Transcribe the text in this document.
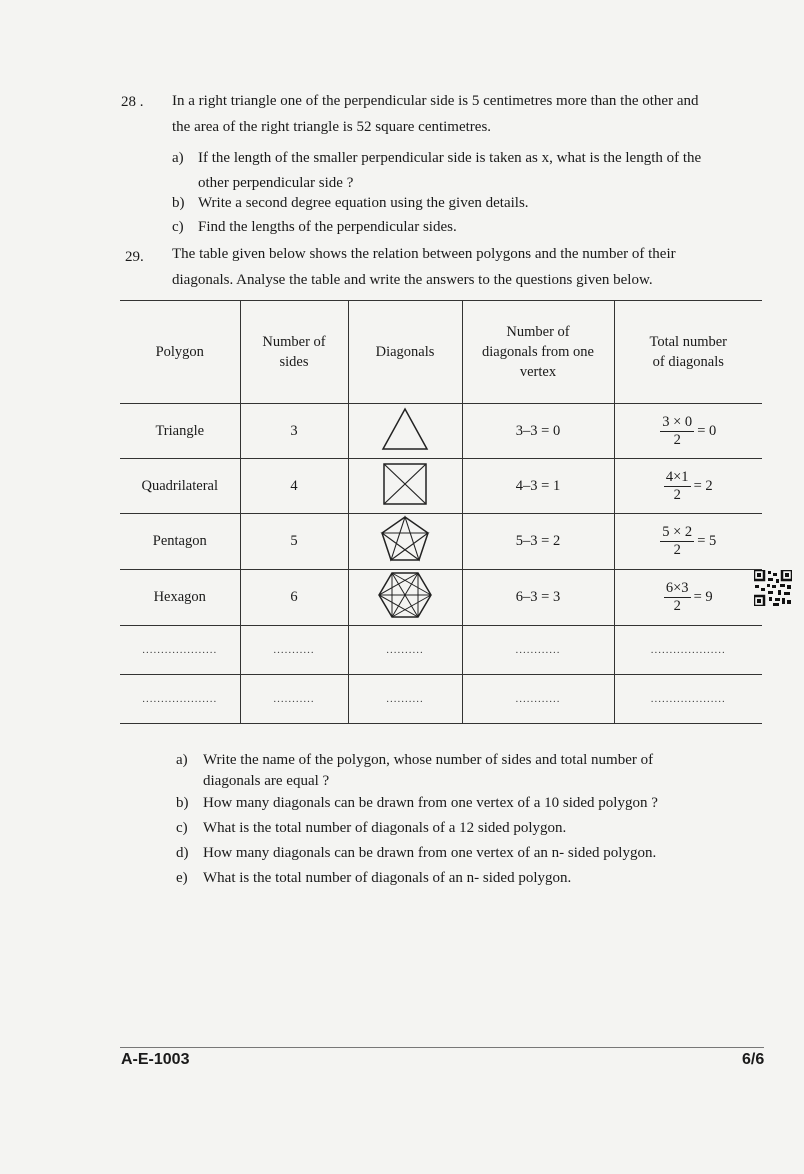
28 . In a right triangle one of the perpendicular side is 5 centimetres more than the other and
the area of the right triangle is 52 square centimetres.
a) If the length of the smaller perpendicular side is taken as x, what is the length of the
other perpendicular side ?
b) Write a second degree equation using the given details.
c) Find the lengths of the perpendicular sides.
29. The table given below shows the relation between polygons and the number of their
diagonals. Analyse the table and write the answers to the questions given below.
Polygon	Number of sides	Diagonals	Number of diagonals from one vertex	Total number of diagonals

Triangle	3		3–3 = 0	$\frac{3 \times 0}{2} = 0$

Quadrilateral	4		4–3 = 1	$\frac{4\times 1}{2} = 2$

Pentagon	5		5–3 = 2	$\frac{5 \times 2}{2} = 5$

Hexagon	6		6–3 = 3	$\frac{6\times 3}{2} = 9$

....................	...........	..........	............	....................
....................	...........	..........	............	....................
a) Write the name of the polygon, whose number of sides and total number of
diagonals are equal ?
b) How many diagonals can be drawn from one vertex of a 10 sided polygon ?
c) What is the total number of diagonals of a 12 sided polygon.
d) How many diagonals can be drawn from one vertex of an n- sided polygon.
e) What is the total number of diagonals of an n- sided polygon.
A-E-1003	6/6
